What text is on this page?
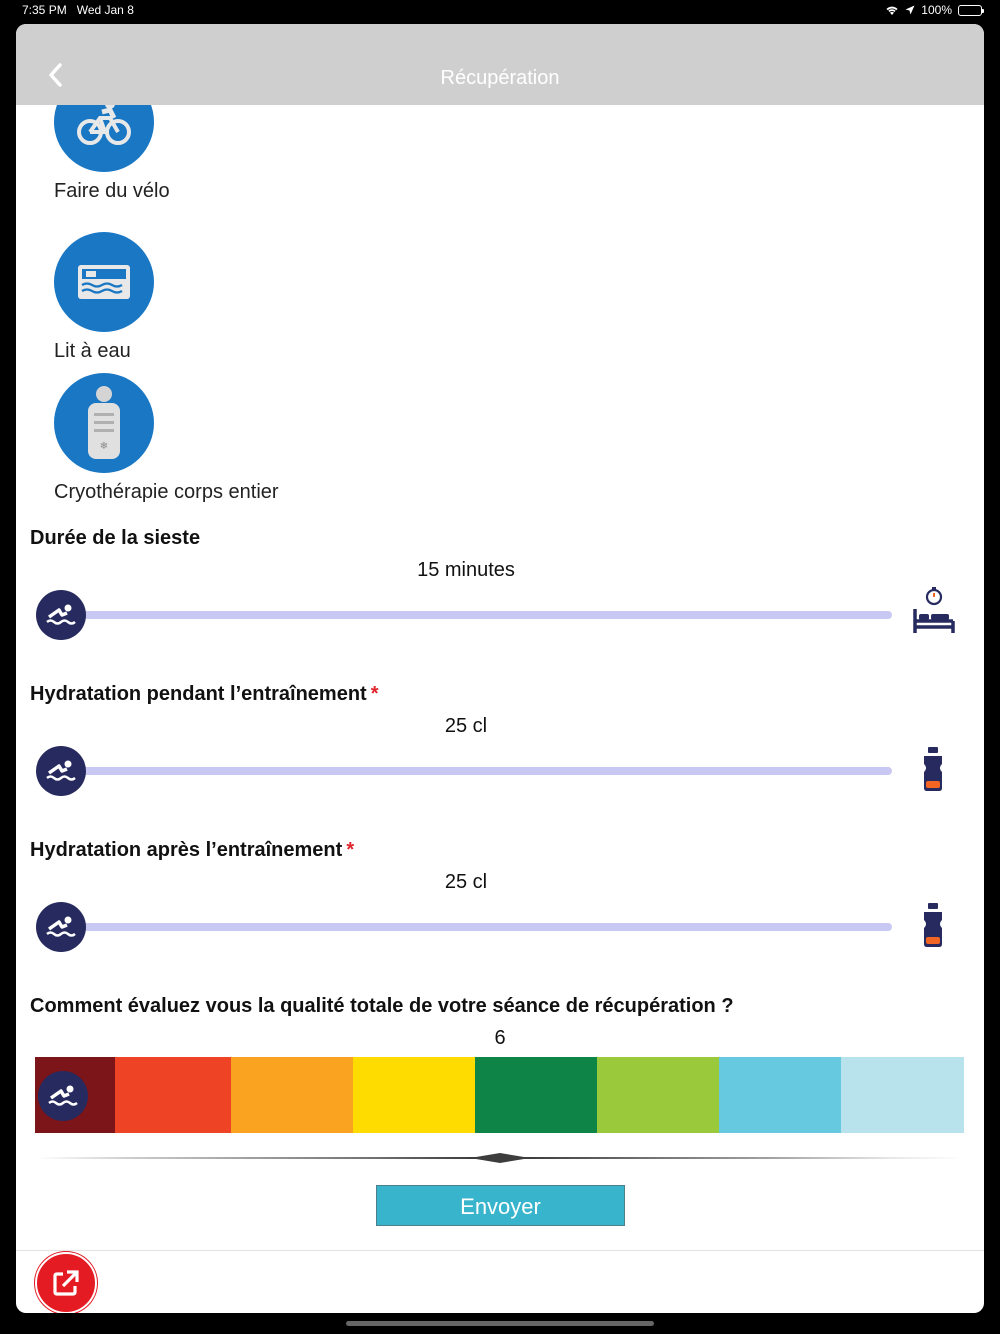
7:35 PM Wed Jan 8	100%
Récupération
Faire du vélo
Lit à eau
❄
Cryothérapie corps entier
Durée de la sieste
15 minutes
Hydratation pendant l’entraînement *
25 cl
Hydratation après l’entraînement *
25 cl
Comment évaluez vous la qualité totale de votre séance de récupération ?
6
Envoyer
